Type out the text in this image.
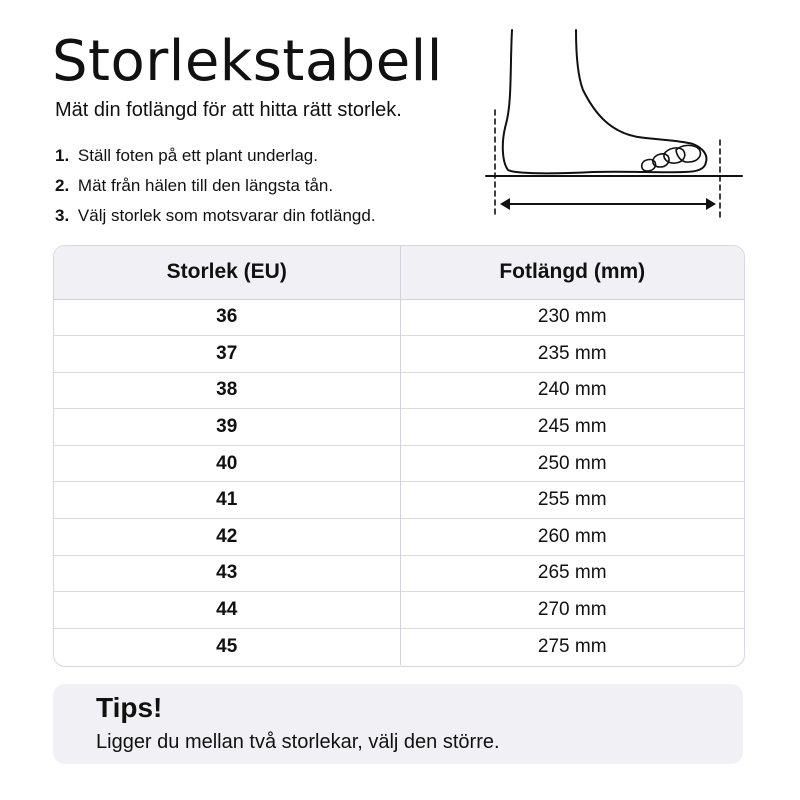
Storlekstabell

Mät din fotlängd för att hitta rätt storlek.

1. Ställ foten på ett plant underlag.
2. Mät från hälen till den längsta tån.
3. Välj storlek som motsvarar din fotlängd.
Storlek (EU)	Fotlängd (mm)
36	230 mm
37	235 mm
38	240 mm
39	245 mm
40	250 mm
41	255 mm
42	260 mm
43	265 mm
44	270 mm
45	275 mm
Tips!
Ligger du mellan två storlekar, välj den större.
